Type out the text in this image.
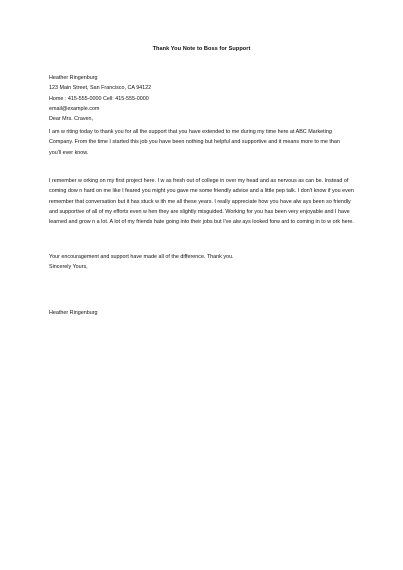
Thank You Note to Boss for Support
Heather Ringenburg
123 Main Street, San Francisco, CA 94122
Home : 415-555-0000 Cell: 415-555-0000
email@example.com
Dear Mrs. Craven,
I am w riting today to thank you for all the support that you have extended to me during my time here at ABC Marketing
Company. From the time I started this job you have been nothing but helpful and supportive and it means more to me than
you'll ever know.
I remember w orking on my first project here. I w as fresh out of college in over my head and as nervous as can be. Instead of
coming dow n hard on me like I feared you might you gave me some friendly advice and a little pep talk. I don't know if you even
remember that conversation but it has stuck w ith me all these years. I really appreciate how you have alw ays been so friendly
and supportive of all of my efforts even w hen they are slightly misguided. Working for you has been very enjoyable and I have
learned and grow n a lot. A lot of my friends hate going into their jobs but I've alw ays looked forw ard to coming in to w ork here.
Your encouragement and support have made all of the difference. Thank you.
Sincerely Yours,
Heather Ringenburg
